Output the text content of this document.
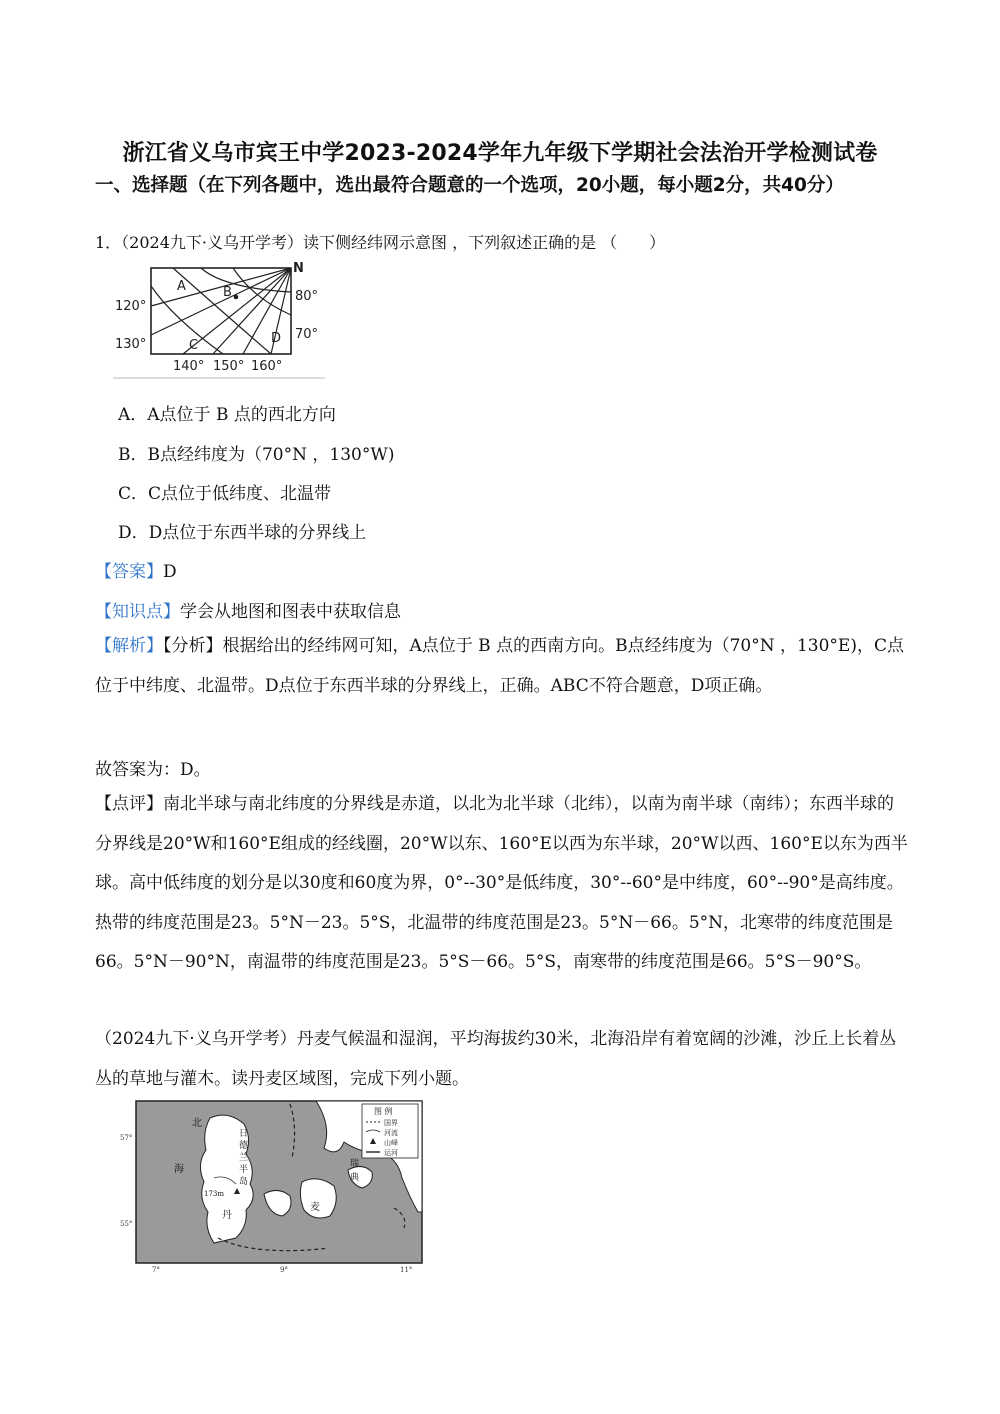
浙江省义乌市宾王中学2023-2024学年九年级下学期社会法治开学检测试卷
一、选择题（在下列各题中，选出最符合题意的一个选项，20小题，每小题2分，共40分）
1．（2024九下·义乌开学考）读下侧经纬网示意图 ，下列叙述正确的是 （　　）
N
A	B
C	D
120°
130°
80°
70°
140° 150° 160°
A．A点位于 B 点的西北方向
B．B点经纬度为（70°N ，130°W)
C．C点位于低纬度、北温带
D．D点位于东西半球的分界线上
【答案】D
【知识点】学会从地图和图表中获取信息
【解析】【分析】根据给出的经纬网可知，A点位于 B 点的西南方向。B点经纬度为（70°N ，130°E)，C点位于中纬度、北温带。D点位于东西半球的分界线上，正确。ABC不符合题意，D项正确。
故答案为：D。
【点评】南北半球与南北纬度的分界线是赤道，以北为北半球（北纬），以南为南半球（南纬）；东西半球的分界线是20°W和160°E组成的经线圈，20°W以东、160°E以西为东半球，20°W以西、160°E以东为西半球。高中低纬度的划分是以30度和60度为界，0°--30°是低纬度，30°--60°是中纬度，60°--90°是高纬度。热带的纬度范围是23。5°N－23。5°S，北温带的纬度范围是23。5°N－66。5°N，北寒带的纬度范围是66。5°N－90°N，南温带的纬度范围是23。5°S－66。5°S，南寒带的纬度范围是66。5°S－90°S。
（2024九下·义乌开学考）丹麦气候温和湿润，平均海拔约30米，北海沿岸有着宽阔的沙滩，沙丘上长着丛丛的草地与灌木。读丹麦区域图，完成下列小题。
图 例
国界
河流
山峰
运河
北
海
日
德
兰
半
岛
173m
丹
麦
瑞
典
57°
55°
7°	9°	11°
